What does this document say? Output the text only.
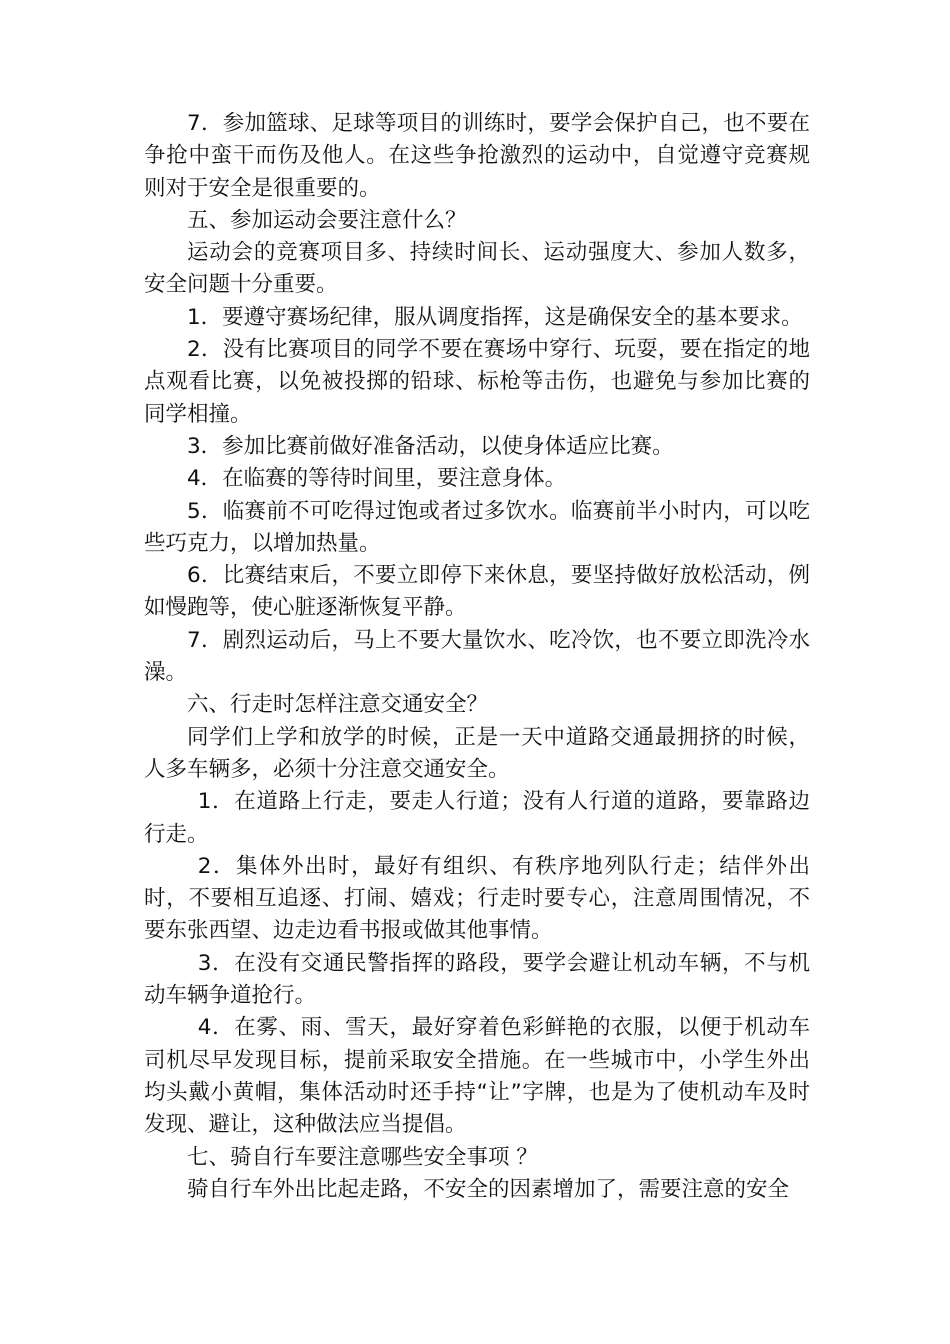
7．参加篮球、足球等项目的训练时，要学会保护自己，也不要在争抢中蛮干而伤及他人。在这些争抢激烈的运动中，自觉遵守竞赛规则对于安全是很重要的。

五、参加运动会要注意什么？

运动会的竞赛项目多、持续时间长、运动强度大、参加人数多，安全问题十分重要。

1．要遵守赛场纪律，服从调度指挥，这是确保安全的基本要求。

2．没有比赛项目的同学不要在赛场中穿行、玩耍，要在指定的地点观看比赛，以免被投掷的铅球、标枪等击伤，也避免与参加比赛的同学相撞。

3．参加比赛前做好准备活动，以使身体适应比赛。

4．在临赛的等待时间里，要注意身体。

5．临赛前不可吃得过饱或者过多饮水。临赛前半小时内，可以吃些巧克力，以增加热量。

6．比赛结束后，不要立即停下来休息，要坚持做好放松活动，例如慢跑等，使心脏逐渐恢复平静。

7．剧烈运动后，马上不要大量饮水、吃冷饮，也不要立即洗冷水澡。

六、行走时怎样注意交通安全？

同学们上学和放学的时候，正是一天中道路交通最拥挤的时候，人多车辆多，必须十分注意交通安全。

1．在道路上行走，要走人行道；没有人行道的道路，要靠路边行走。

2．集体外出时，最好有组织、有秩序地列队行走；结伴外出时，不要相互追逐、打闹、嬉戏；行走时要专心，注意周围情况，不要东张西望、边走边看书报或做其他事情。

3．在没有交通民警指挥的路段，要学会避让机动车辆，不与机动车辆争道抢行。

4．在雾、雨、雪天，最好穿着色彩鲜艳的衣服，以便于机动车司机尽早发现目标，提前采取安全措施。在一些城市中，小学生外出均头戴小黄帽，集体活动时还手持“让”字牌，也是为了使机动车及时发现、避让，这种做法应当提倡。

七、骑自行车要注意哪些安全事项 ？

骑自行车外出比起走路，不安全的因素增加了，需要注意的安全
